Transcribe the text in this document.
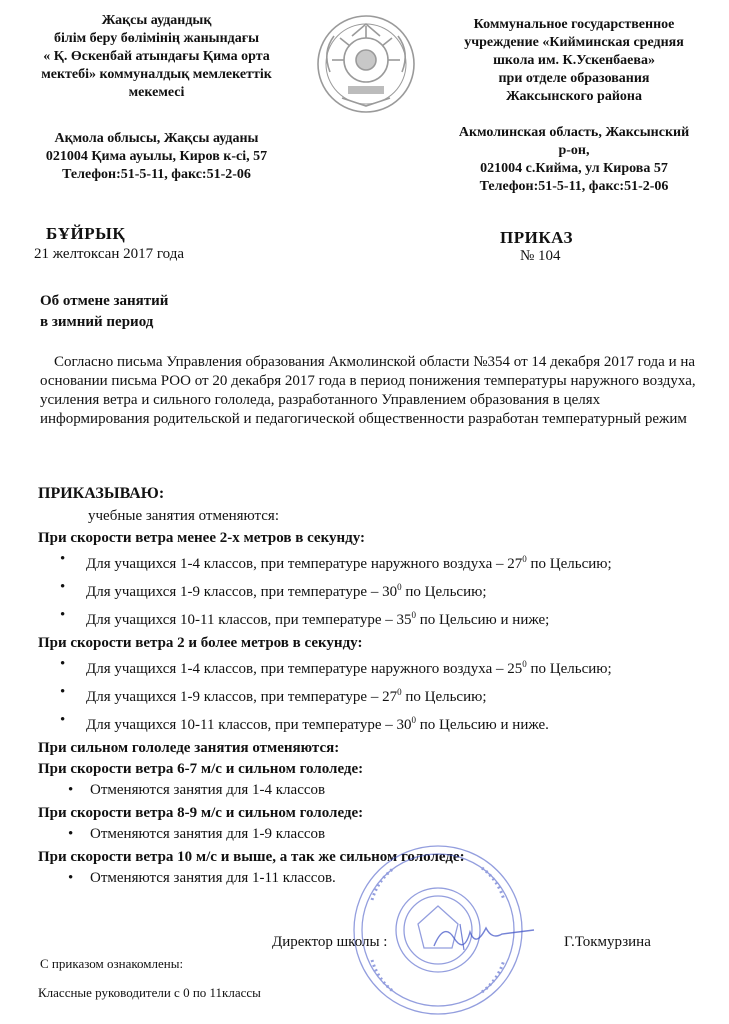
Жақсы аудандық
білім беру бөлімінің жанындағы
« Қ. Өскенбай атындағы Қима орта
мектебі» коммуналдық мемлекеттік
мекемесі
Ақмола облысы, Жақсы ауданы
021004 Қима ауылы, Киров к-сі, 57
Телефон:51-5-11, факс:51-2-06
Коммунальное государственное
учреждение «Кийминская средняя
школа им. К.Ускенбаева»
при отделе образования
Жаксынского района
Акмолинская область, Жаксынский
р-он,
021004 с.Кийма, ул Кирова 57
Телефон:51-5-11, факс:51-2-06
БҰЙРЫҚ
21 желтоксан 2017 года
ПРИКАЗ
№ 104
Об отмене занятий
в зимний период
Согласно письма Управления образования Акмолинской области №354 от 14 декабря 2017 года и на основании письма РОО от 20 декабря 2017 года в период понижения температуры наружного воздуха, усиления ветра и сильного гололеда, разработанного Управлением образования в целях информирования родительской и педагогической общественности разработан температурный режим
ПРИКАЗЫВАЮ:
учебные занятия отменяются:
При скорости ветра менее 2-х метров в секунду:
• Для учащихся 1-4 классов, при температуре наружного воздуха – $27^0$ по Цельсию;
• Для учащихся 1-9 классов, при температуре – $30^0$ по Цельсию;
• Для учащихся 10-11 классов, при температуре – $35^0$ по Цельсию и ниже;
При скорости ветра 2 и более метров в секунду:
• Для учащихся 1-4 классов, при температуре наружного воздуха – $25^0$ по Цельсию;
• Для учащихся 1-9 классов, при температуре – $27^0$ по Цельсию;
• Для учащихся 10-11 классов, при температуре – $30^0$ по Цельсию и ниже.
При сильном гололеде занятия отменяются:
При скорости ветра 6-7 м/с и сильном гололеде:
• Отменяются занятия для 1-4 классов
При скорости ветра 8-9 м/с и сильном гололеде:
• Отменяются занятия для 1-9 классов
При скорости ветра 10 м/с и выше, а так же сильном гололеде:
• Отменяются занятия для 1-11 классов.
Директор школы :	Г.Токмурзина
С приказом ознакомлены:
Классные руководители с 0 по 11классы
